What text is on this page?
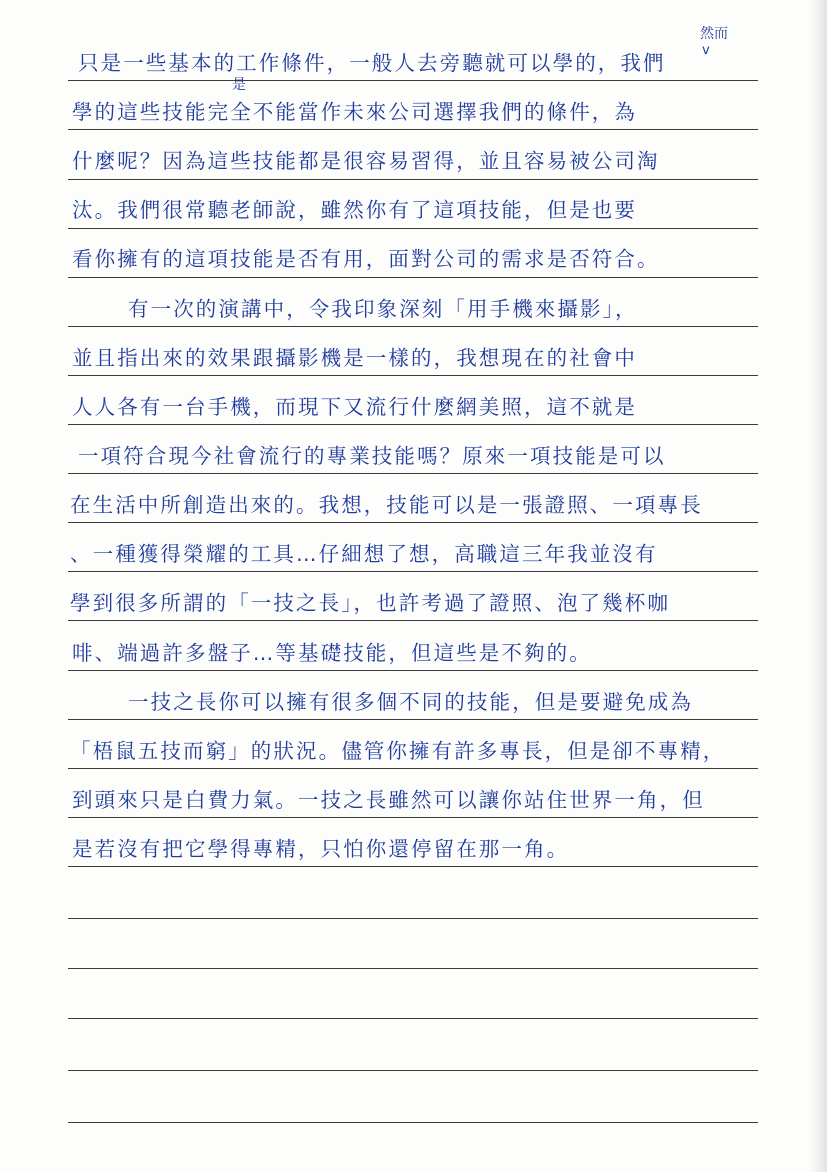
然而
v
是
只是一些基本的工作條件，一般人去旁聽就可以學的，我們
學的這些技能完全不能當作未來公司選擇我們的條件，為
什麼呢？因為這些技能都是很容易習得，並且容易被公司淘
汰。我們很常聽老師說，雖然你有了這項技能，但是也要
看你擁有的這項技能是否有用，面對公司的需求是否符合。
有一次的演講中，令我印象深刻「用手機來攝影」，
並且指出來的效果跟攝影機是一樣的，我想現在的社會中
人人各有一台手機，而現下又流行什麼網美照，這不就是
一項符合現今社會流行的專業技能嗎？原來一項技能是可以
在生活中所創造出來的。我想，技能可以是一張證照、一項專長
、一種獲得榮耀的工具…仔細想了想，高職這三年我並沒有
學到很多所謂的「一技之長」，也許考過了證照、泡了幾杯咖
啡、端過許多盤子…等基礎技能，但這些是不夠的。
一技之長你可以擁有很多個不同的技能，但是要避免成為
「梧鼠五技而窮」的狀況。儘管你擁有許多專長，但是卻不專精，
到頭來只是白費力氣。一技之長雖然可以讓你站住世界一角，但
是若沒有把它學得專精，只怕你還停留在那一角。
